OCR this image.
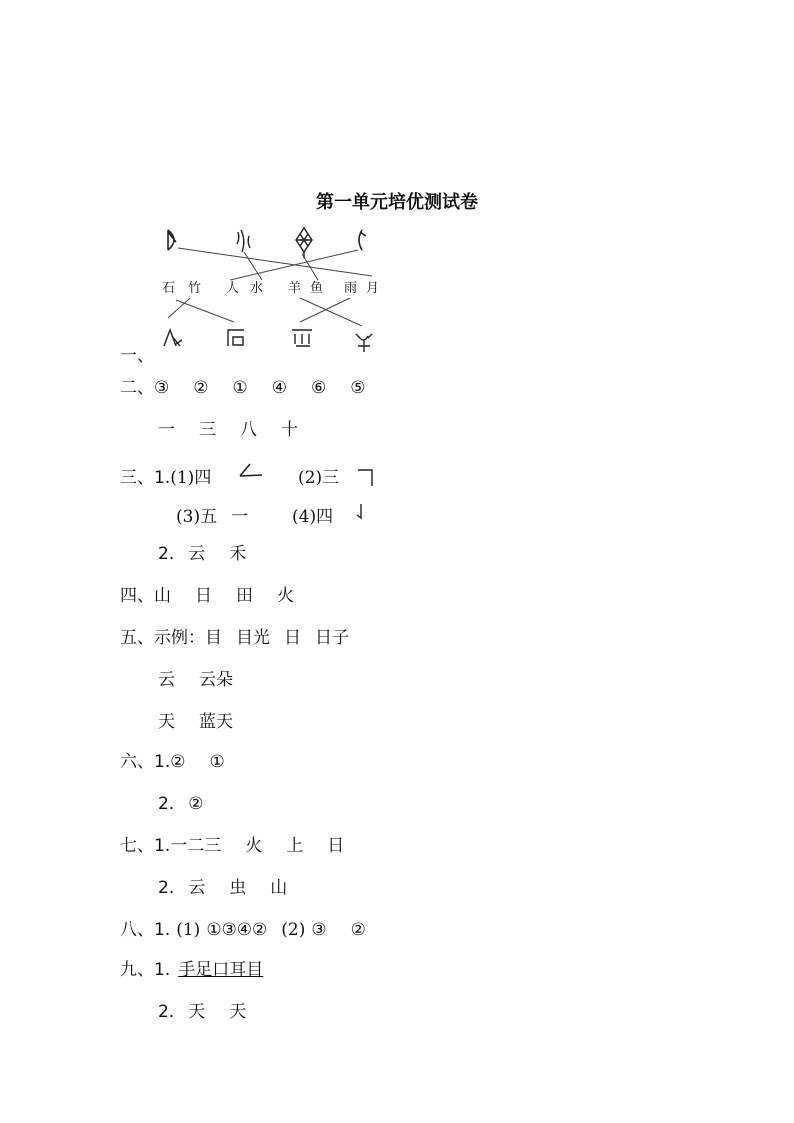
第一单元培优测试卷
石 竹 人 水 羊 鱼 雨 月
一、
二、③ ② ① ④ ⑥ ⑤
一 三 八 十
三、1.(1)四	(2)三
(3)五 一	(4)四
2. 云 禾
四、山 日 田 火
五、示例：目 目光 日 日子
云 云朵
天 蓝天
六、1.② ①
2. ②
七、1.一二三 火 上 日
2. 云 虫 山
八、1. (1) ①③④② (2) ③ ②
九、1. 手足口耳目
2. 天 天
